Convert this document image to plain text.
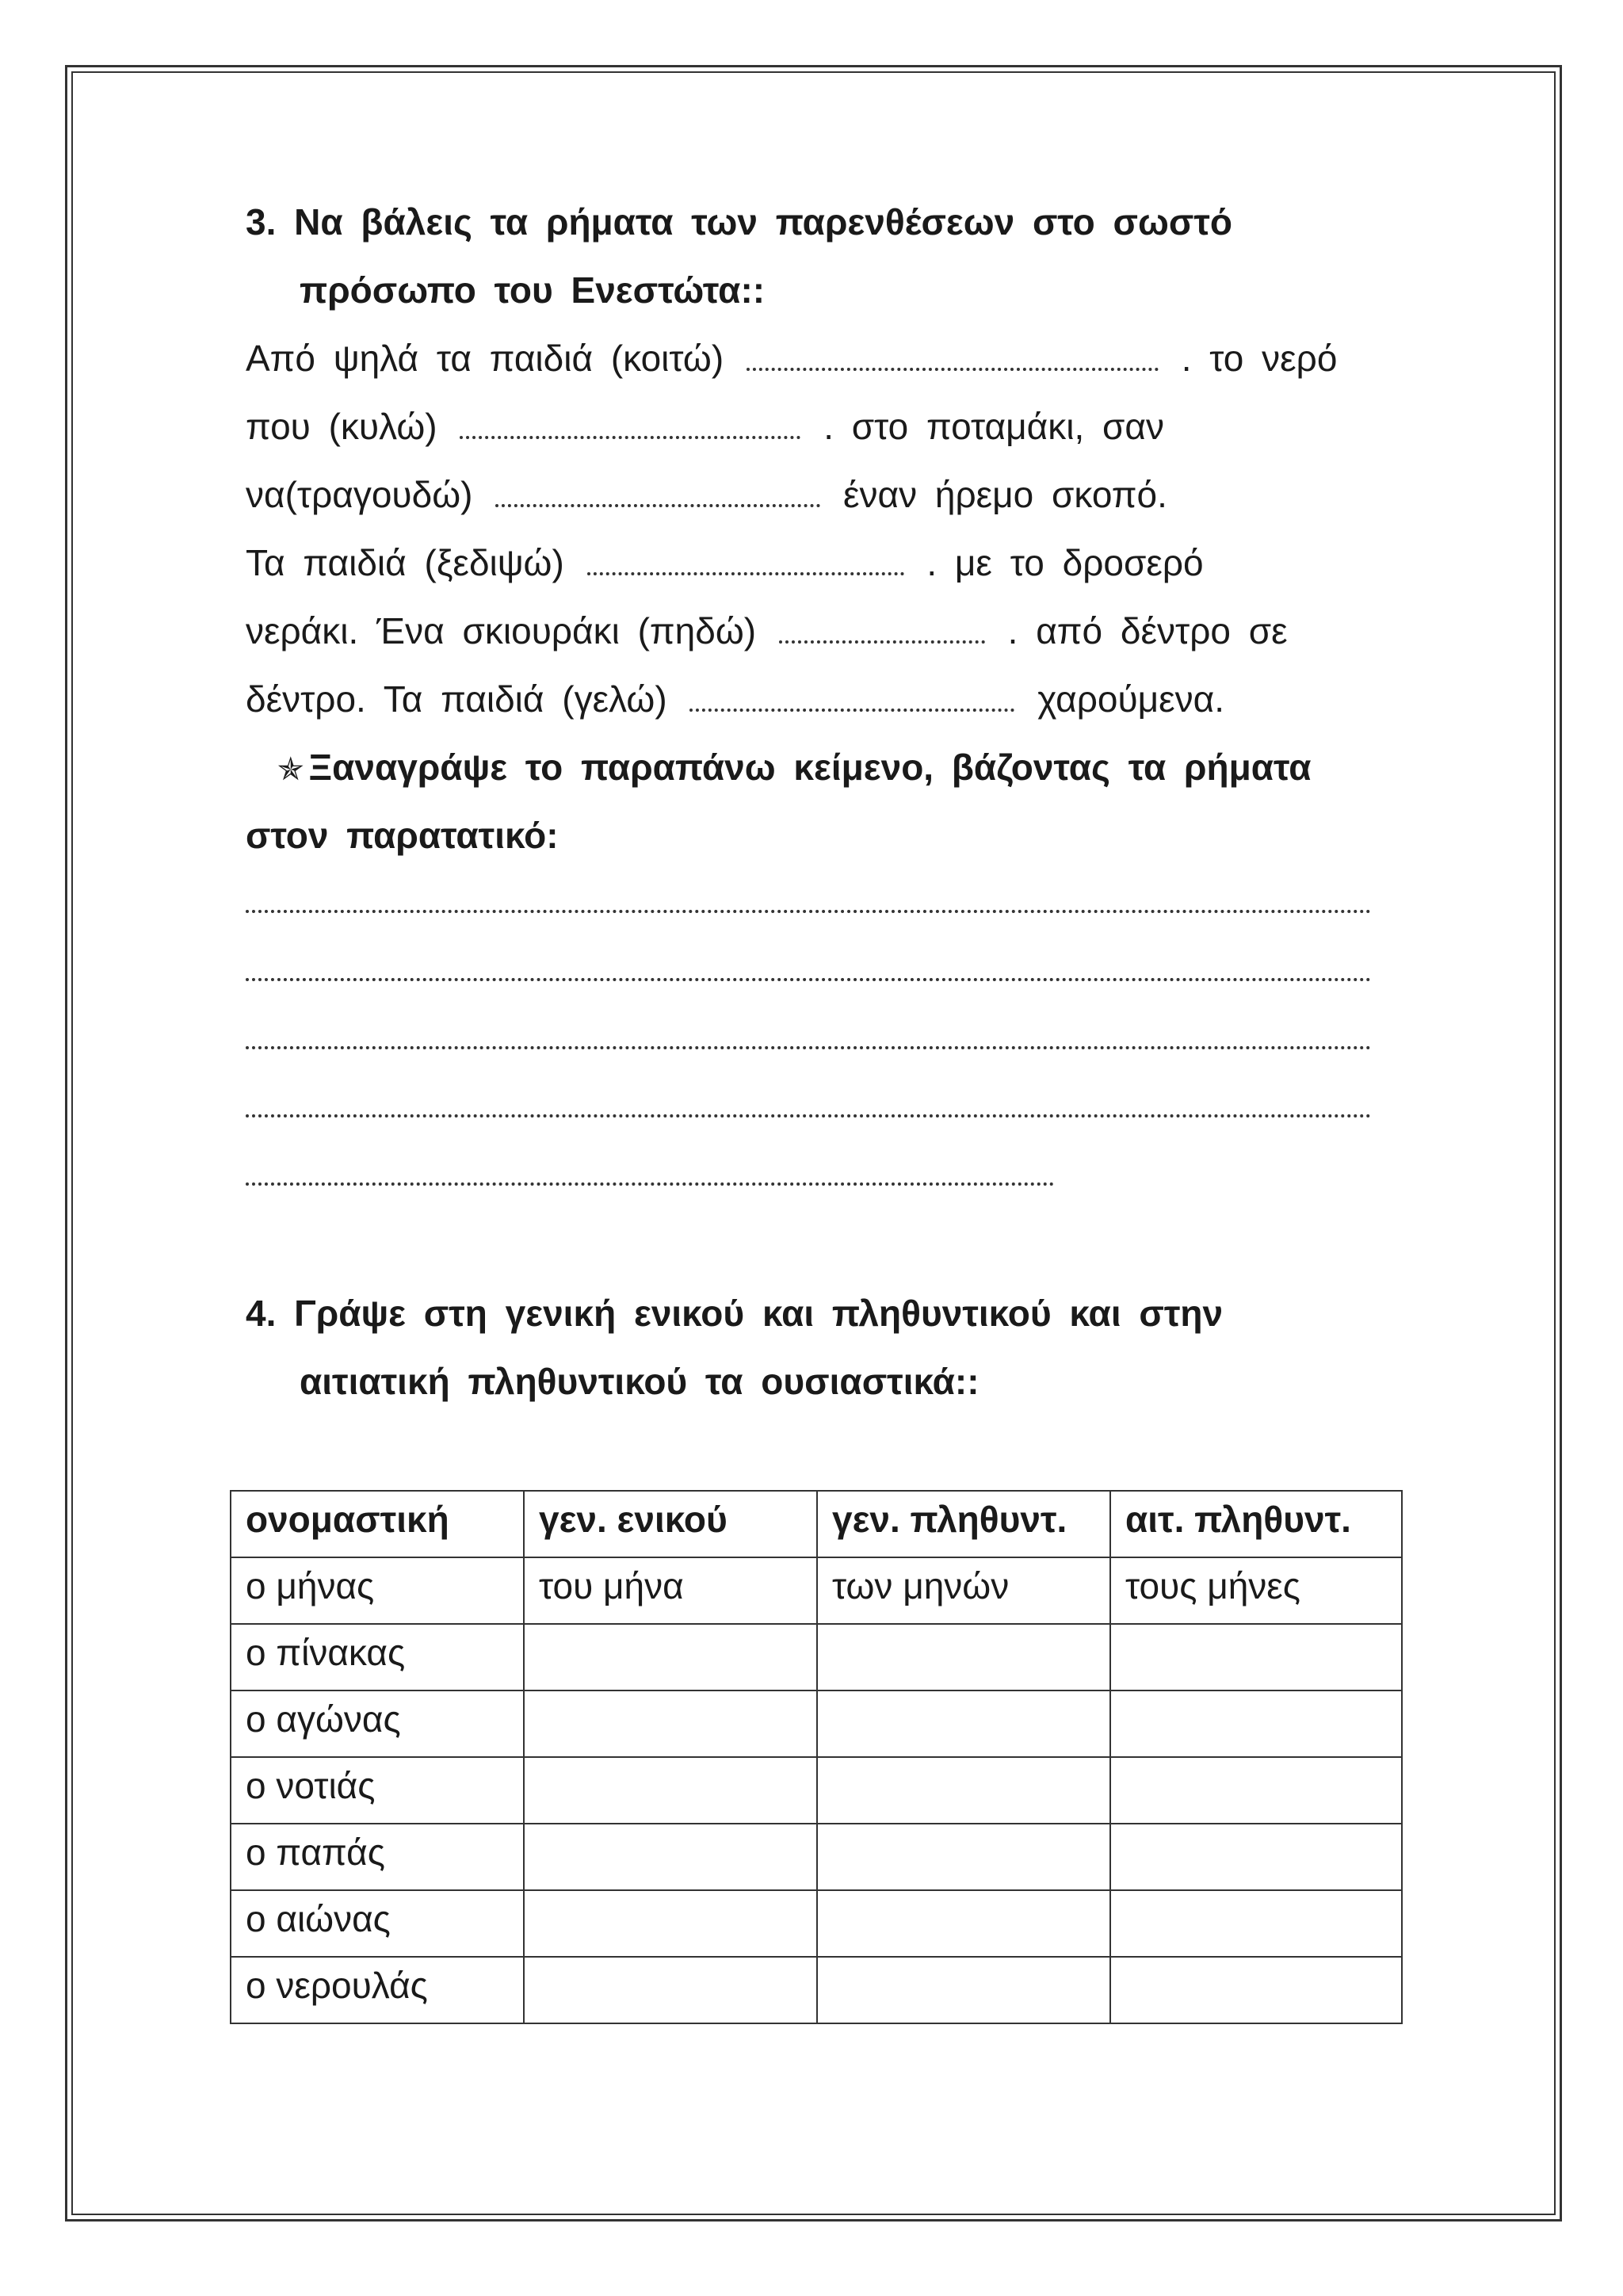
3. Να βάλεις τα ρήματα των παρενθέσεων στο σωστό
πρόσωπο του Ενεστώτα::
Από ψηλά τα παιδιά (κοιτώ)	. το νερό
που (κυλώ)	. στο ποταμάκι, σαν
να(τραγουδώ)	έναν ήρεμο σκοπό.
Τα παιδιά (ξεδιψώ)	. με το δροσερό
νεράκι. Ένα σκιουράκι (πηδώ)	. από δέντρο σε
δέντρο. Τα παιδιά (γελώ)	χαρούμενα.
✯ Ξαναγράψε το παραπάνω κείμενο, βάζοντας τα ρήματα
στον παρατατικό:
4. Γράψε στη γενική ενικού και πληθυντικού και στην
αιτιατική πληθυντικού τα ουσιαστικά::
ονομαστική	γεν. ενικού	γεν. πληθυντ.	αιτ. πληθυντ.
ο μήνας	του μήνα	των μηνών	τους μήνες
ο πίνακας			
ο αγώνας			
ο νοτιάς			
ο παπάς			
ο αιώνας			
ο νερουλάς			
